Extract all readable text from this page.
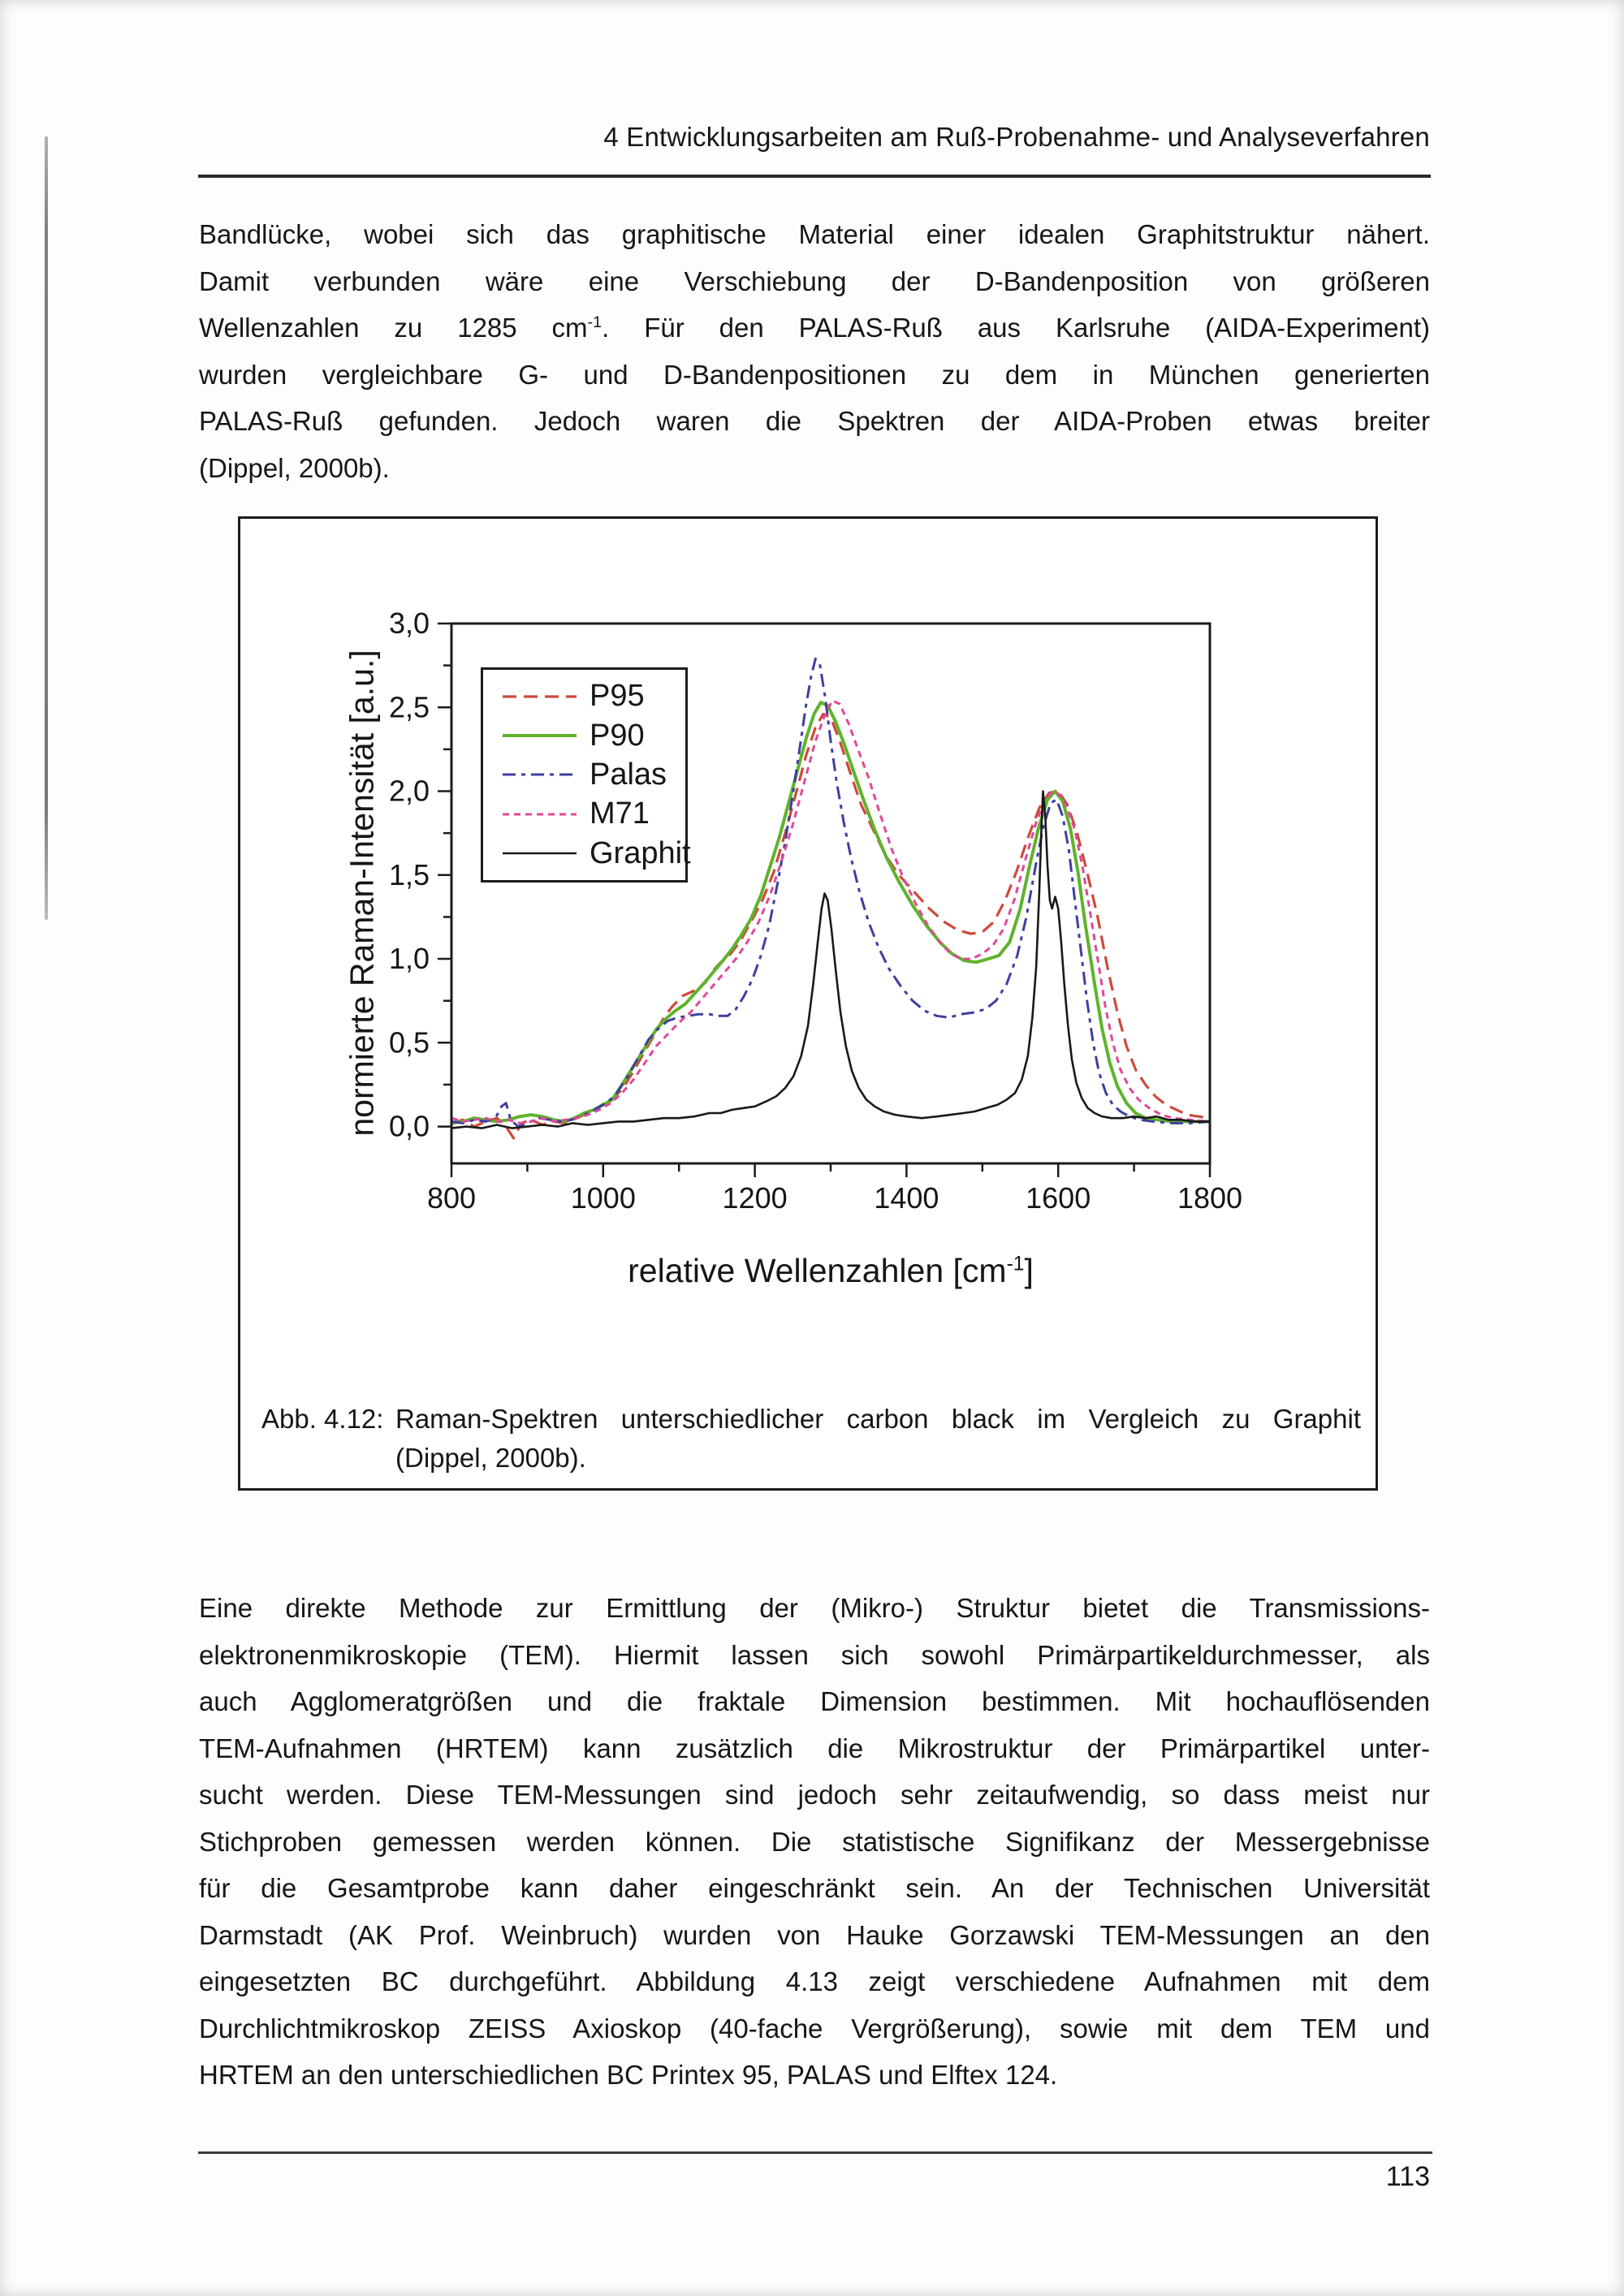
4 Entwicklungsarbeiten am Ruß-Probenahme- und Analyseverfahren
Bandlücke, wobei sich das graphitische Material einer idealen Graphitstruktur nähert.
Damit verbunden wäre eine Verschiebung der D-Bandenposition von größeren
Wellenzahlen zu 1285 $cm^{-1}$. Für den PALAS-Ruß aus Karlsruhe (AIDA-Experiment)
wurden vergleichbare G- und D-Bandenpositionen zu dem in München generierten
PALAS-Ruß gefunden. Jedoch waren die Spektren der AIDA-Proben etwas breiter
(Dippel, 2000b).
800	1000	1200	1400	1600	1800
0,0
0,5
1,0
1,5
2,0
2,5
3,0
normierte Raman-Intensität [a.u.]
relative Wellenzahlen $[cm^{-1}]$
P95
P90
Palas
M71
Graphit
Abb. 4.12: Raman-Spektren unterschiedlicher carbon black im Vergleich zu Graphit
(Dippel, 2000b).
Eine direkte Methode zur Ermittlung der (Mikro-) Struktur bietet die Transmissions-
elektronenmikroskopie (TEM). Hiermit lassen sich sowohl Primärpartikeldurchmesser, als
auch Agglomeratgrößen und die fraktale Dimension bestimmen. Mit hochauflösenden
TEM-Aufnahmen (HRTEM) kann zusätzlich die Mikrostruktur der Primärpartikel unter-
sucht werden. Diese TEM-Messungen sind jedoch sehr zeitaufwendig, so dass meist nur
Stichproben gemessen werden können. Die statistische Signifikanz der Messergebnisse
für die Gesamtprobe kann daher eingeschränkt sein. An der Technischen Universität
Darmstadt (AK Prof. Weinbruch) wurden von Hauke Gorzawski TEM-Messungen an den
eingesetzten BC durchgeführt. Abbildung 4.13 zeigt verschiedene Aufnahmen mit dem
Durchlichtmikroskop ZEISS Axioskop (40-fache Vergrößerung), sowie mit dem TEM und
HRTEM an den unterschiedlichen BC Printex 95, PALAS und Elftex 124.
113
